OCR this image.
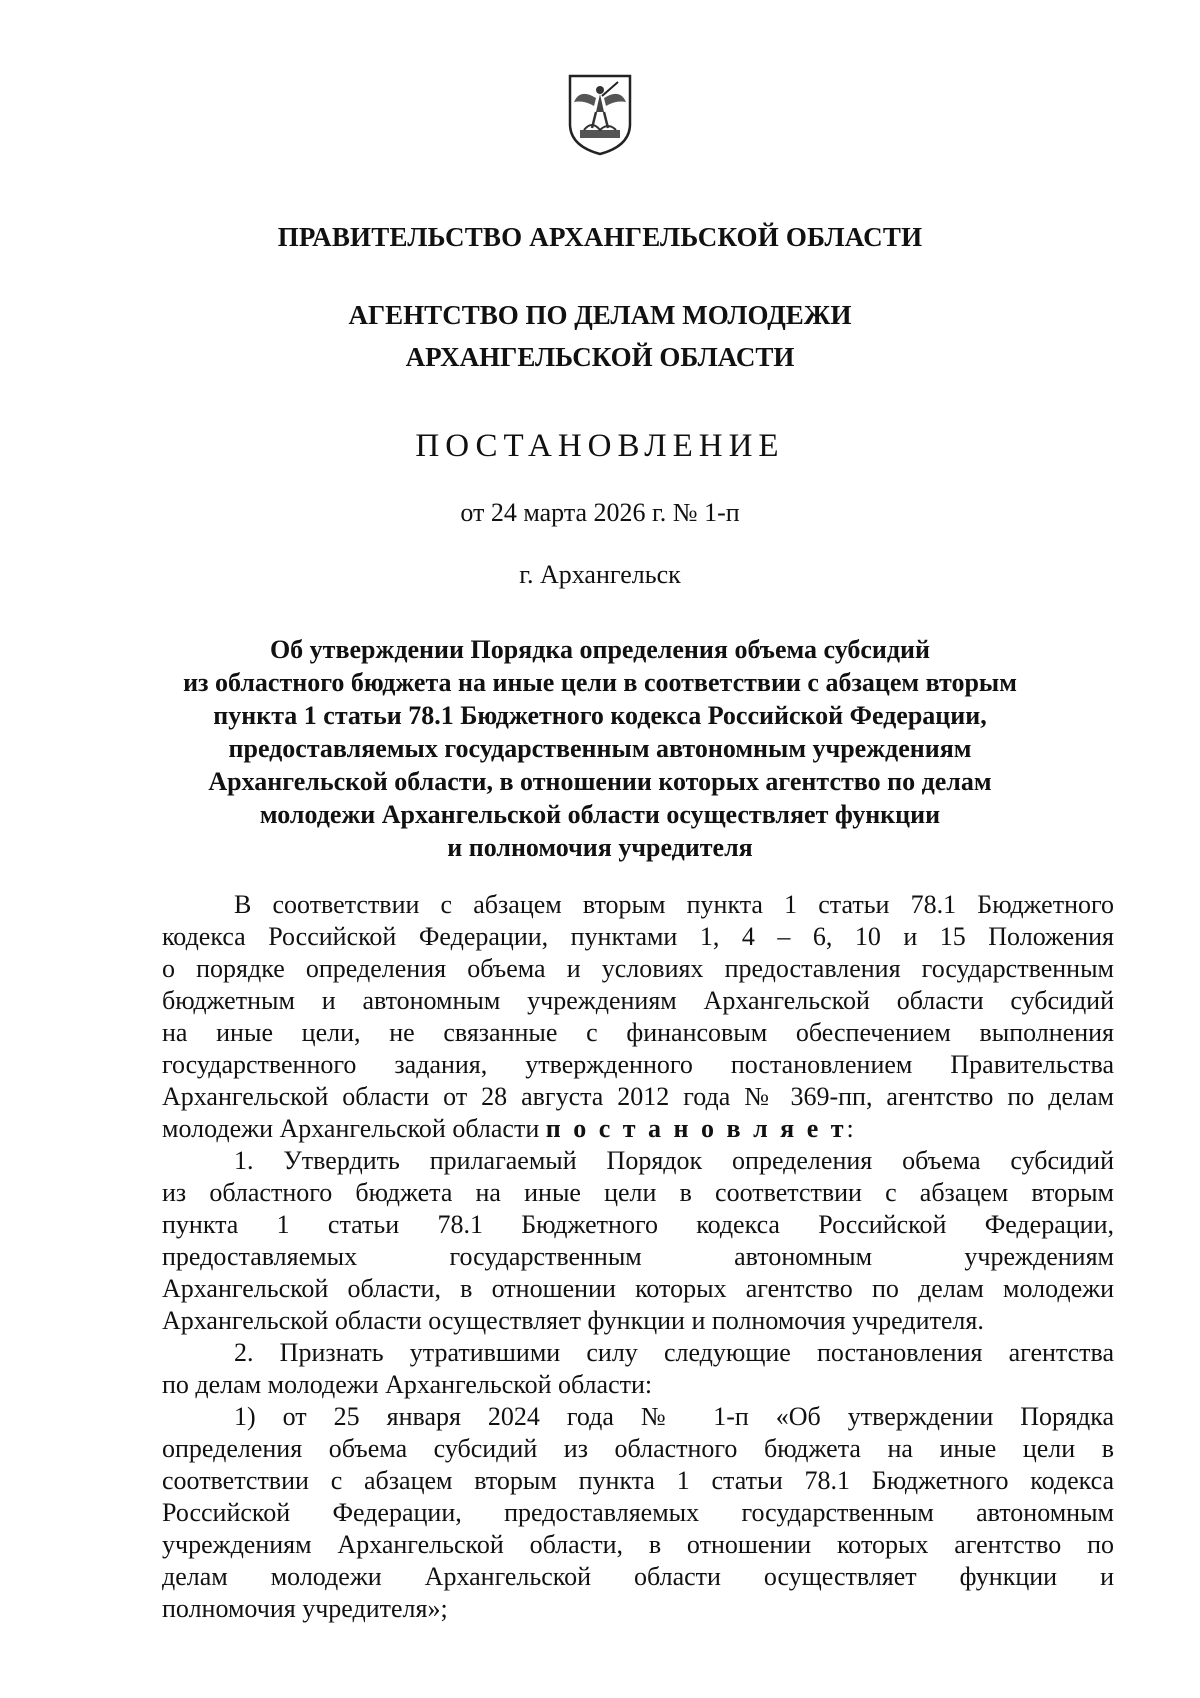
ПРАВИТЕЛЬСТВО АРХАНГЕЛЬСКОЙ ОБЛАСТИ
АГЕНТСТВО ПО ДЕЛАМ МОЛОДЕЖИ
АРХАНГЕЛЬСКОЙ ОБЛАСТИ
ПОСТАНОВЛЕНИЕ
от 24 марта 2026 г. № 1-п
г. Архангельск
Об утверждении Порядка определения объема субсидий
из областного бюджета на иные цели в соответствии с абзацем вторым
пункта 1 статьи 78.1 Бюджетного кодекса Российской Федерации,
предоставляемых государственным автономным учреждениям
Архангельской области, в отношении которых агентство по делам
молодежи Архангельской области осуществляет функции
и полномочия учредителя
В соответствии с абзацем вторым пункта 1 статьи 78.1 Бюджетного
кодекса Российской Федерации, пунктами 1, 4 – 6, 10 и 15 Положения
о порядке определения объема и условиях предоставления государственным
бюджетным и автономным учреждениям Архангельской области субсидий
на иные цели, не связанные с финансовым обеспечением выполнения
государственного задания, утвержденного постановлением Правительства
Архангельской области от 28 августа 2012 года № 369-пп, агентство по делам
молодежи Архангельской области п о с т а н о в л я е т:
1. Утвердить прилагаемый Порядок определения объема субсидий
из областного бюджета на иные цели в соответствии с абзацем вторым
пункта 1 статьи 78.1 Бюджетного кодекса Российской Федерации,
предоставляемых государственным автономным учреждениям
Архангельской области, в отношении которых агентство по делам молодежи
Архангельской области осуществляет функции и полномочия учредителя.
2. Признать утратившими силу следующие постановления агентства
по делам молодежи Архангельской области:
1) от 25 января 2024 года № 1-п «Об утверждении Порядка
определения объема субсидий из областного бюджета на иные цели в
соответствии с абзацем вторым пункта 1 статьи 78.1 Бюджетного кодекса
Российской Федерации, предоставляемых государственным автономным
учреждениям Архангельской области, в отношении которых агентство по
делам молодежи Архангельской области осуществляет функции и
полномочия учредителя»;
